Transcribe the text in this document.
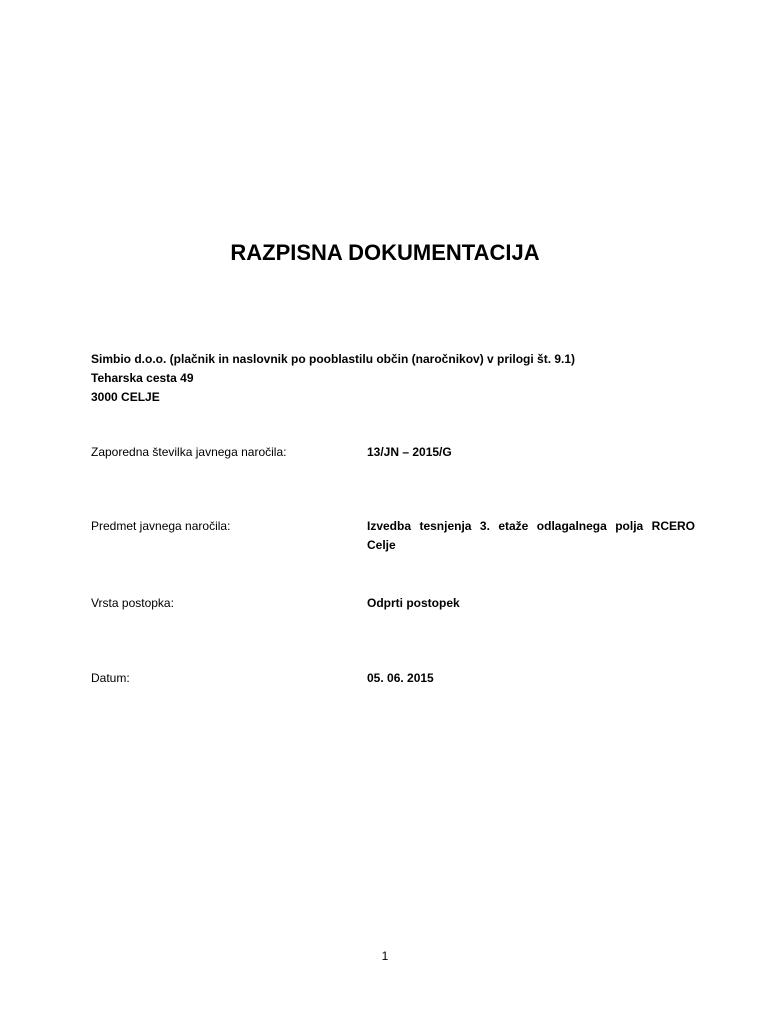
RAZPISNA DOKUMENTACIJA
Simbio d.o.o. (plačnik in naslovnik po pooblastilu občin (naročnikov) v prilogi št. 9.1)
Teharska cesta 49
3000 CELJE
Zaporedna številka javnega naročila:	13/JN – 2015/G
Predmet javnega naročila:	Izvedba tesnjenja 3. etaže odlagalnega polja RCERO Celje
Vrsta postopka:	Odprti postopek
Datum:	05. 06. 2015
1
